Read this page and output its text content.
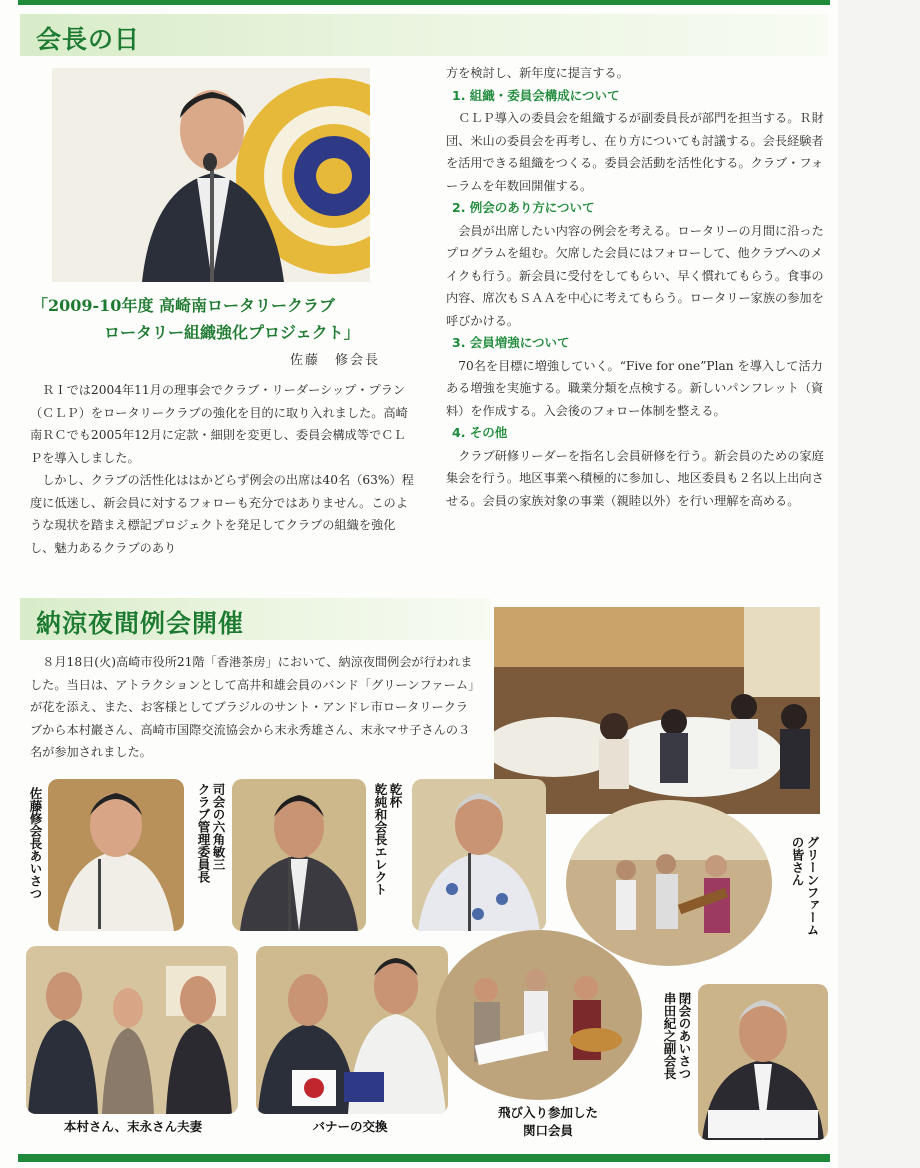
会長の日
「2009-10年度 高崎南ロータリークラブ
ロータリー組織強化プロジェクト」
佐藤　修会長

ＲＩでは2004年11月の理事会でクラブ・リーダーシップ・プラン（ＣＬＰ）をロータリークラブの強化を目的に取り入れました。高崎南ＲＣでも2005年12月に定款・細則を変更し、委員会構成等でＣＬＰを導入しました。

しかし、クラブの活性化ははかどらず例会の出席は40名（63%）程度に低迷し、新会員に対するフォローも充分ではありません。このような現状を踏まえ標記プロジェクトを発足してクラブの組織を強化し、魅力あるクラブのあり

方を検討し、新年度に提言する。

1. 組織・委員会構成について

ＣＬＰ導入の委員会を組織するが副委員長が部門を担当する。Ｒ財団、米山の委員会を再考し、在り方についても討議する。会長経験者を活用できる組織をつくる。委員会活動を活性化する。クラブ・フォーラムを年数回開催する。

2. 例会のあり方について

会員が出席したい内容の例会を考える。ロータリーの月間に沿ったプログラムを組む。欠席した会員にはフォローして、他クラブへのメイクも行う。新会員に受付をしてもらい、早く慣れてもらう。食事の内容、席次もＳＡＡを中心に考えてもらう。ロータリー家族の参加を呼びかける。

3. 会員増強について

70名を目標に増強していく。“Five for one”Plan を導入して活力ある増強を実施する。職業分類を点検する。新しいパンフレット（資料）を作成する。入会後のフォロー体制を整える。

4. その他

クラブ研修リーダーを指名し会員研修を行う。新会員のための家庭集会を行う。地区事業へ積極的に参加し、地区委員も２名以上出向させる。会員の家族対象の事業（親睦以外）を行い理解を高める。

納涼夜間例会開催

８月18日(火)高崎市役所21階「香港茶房」において、納涼夜間例会が行われました。当日は、アトラクションとして高井和雄会員のバンド「グリーンファーム」が花を添え、また、お客様としてブラジルのサント・アンドレ市ロータリークラブから本村巖さん、高崎市国際交流協会から末永秀雄さん、末永マサ子さんの３名が参加されました。

佐藤修会長あいさつ	司会の六角敏三
クラブ管理委員長	乾杯
乾純和会長エレクト	グリーンファーム
の皆さん
本村さん、末永さん夫妻	バナーの交換
飛び入り参加した
関口会員
閉会のあいさつ
串田紀之副会長
